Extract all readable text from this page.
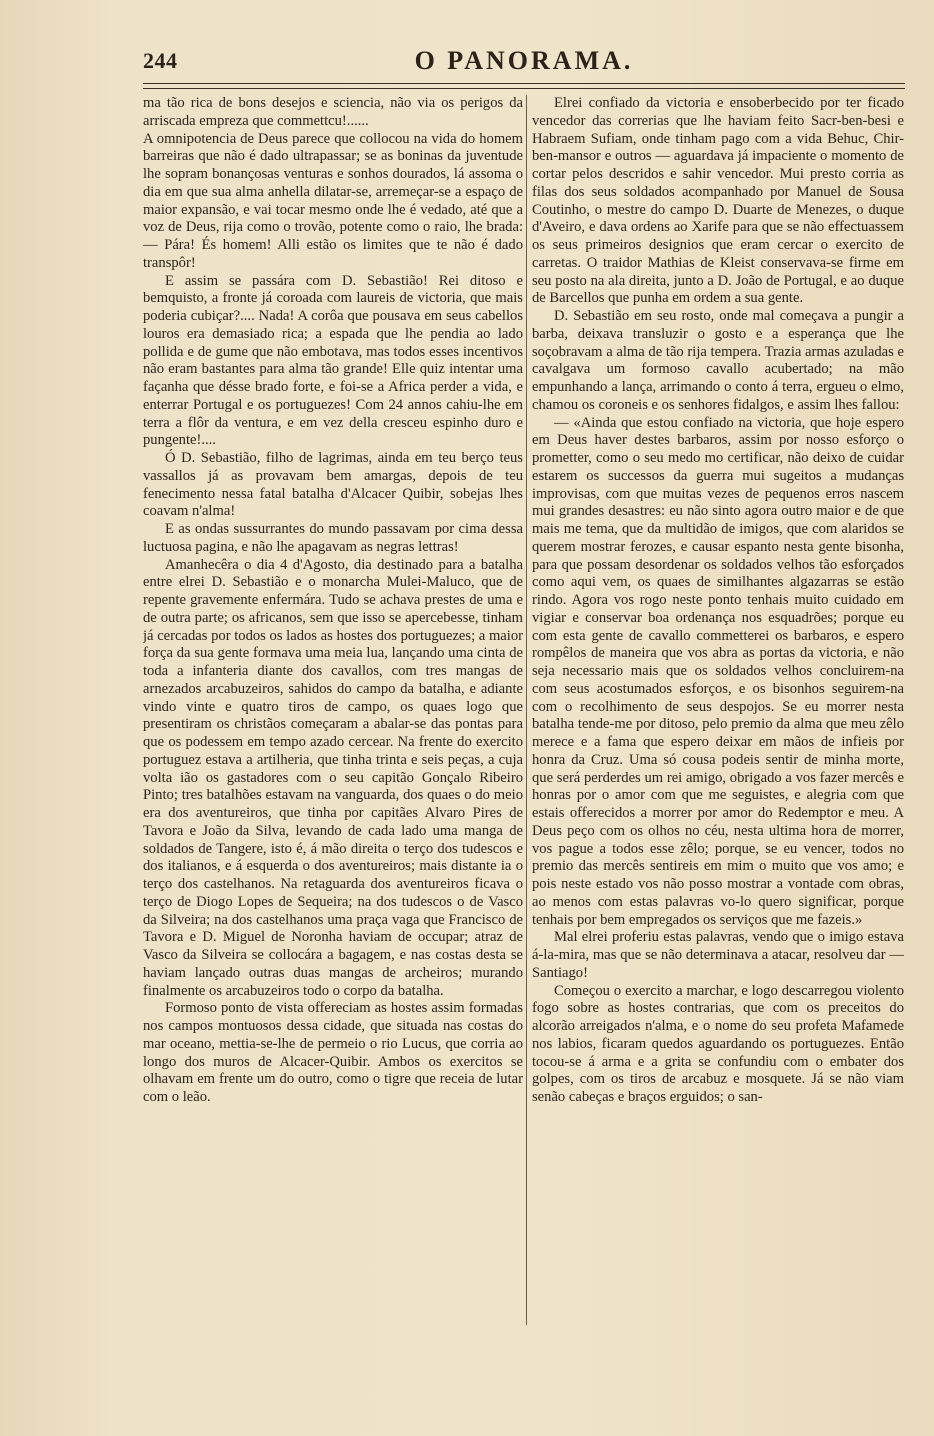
244	O PANORAMA.

ma tão rica de bons desejos e sciencia, não via os perigos da arriscada empreza que commettcu!......

A omnipotencia de Deus parece que collocou na vida do homem barreiras que não é dado ultrapassar; se as boninas da juventude lhe sopram bonançosas venturas e sonhos dourados, lá assoma o dia em que sua alma anhella dilatar-se, arremeçar-se a espaço de maior expansão, e vai tocar mesmo onde lhe é vedado, até que a voz de Deus, rija como o trovão, potente como o raio, lhe brada: — Pára! És homem! Alli estão os limites que te não é dado transpôr!

E assim se passára com D. Sebastião! Rei ditoso e bemquisto, a fronte já coroada com laureis de victoria, que mais poderia cubiçar?.... Nada! A corôa que pousava em seus cabellos louros era demasiado rica; a espada que lhe pendia ao lado pollida e de gume que não embotava, mas todos esses incentivos não eram bastantes para alma tão grande! Elle quiz intentar uma façanha que désse brado forte, e foi-se a Africa perder a vida, e enterrar Portugal e os portuguezes! Com 24 annos cahiu-lhe em terra a flôr da ventura, e em vez della cresceu espinho duro e pungente!....

Ó D. Sebastião, filho de lagrimas, ainda em teu berço teus vassallos já as provavam bem amargas, depois de teu fenecimento nessa fatal batalha d'Alcacer Quibir, sobejas lhes coavam n'alma!

E as ondas sussurrantes do mundo passavam por cima dessa luctuosa pagina, e não lhe apagavam as negras lettras!

Amanhecêra o dia 4 d'Agosto, dia destinado para a batalha entre elrei D. Sebastião e o monarcha Mulei-Maluco, que de repente gravemente enfermára. Tudo se achava prestes de uma e de outra parte; os africanos, sem que isso se apercebesse, tinham já cercadas por todos os lados as hostes dos portuguezes; a maior força da sua gente formava uma meia lua, lançando uma cinta de toda a infanteria diante dos cavallos, com tres mangas de arnezados arcabuzeiros, sahidos do campo da batalha, e adiante vindo vinte e quatro tiros de campo, os quaes logo que presentiram os christãos começaram a abalar-se das pontas para que os podessem em tempo azado cercear. Na frente do exercito portuguez estava a artilheria, que tinha trinta e seis peças, a cuja volta ião os gastadores com o seu capitão Gonçalo Ribeiro Pinto; tres batalhões estavam na vanguarda, dos quaes o do meio era dos aventureiros, que tinha por capitães Alvaro Pires de Tavora e João da Silva, levando de cada lado uma manga de soldados de Tangere, isto é, á mão direita o terço dos tudescos e dos italianos, e á esquerda o dos aventureiros; mais distante ia o terço dos castelhanos. Na retaguarda dos aventureiros ficava o terço de Diogo Lopes de Sequeira; na dos tudescos o de Vasco da Silveira; na dos castelhanos uma praça vaga que Francisco de Tavora e D. Miguel de Noronha haviam de occupar; atraz de Vasco da Silveira se collocára a bagagem, e nas costas desta se haviam lançado outras duas mangas de archeiros; murando finalmente os arcabuzeiros todo o corpo da batalha.

Formoso ponto de vista offereciam as hostes assim formadas nos campos montuosos dessa cidade, que situada nas costas do mar oceano, mettia-se-lhe de permeio o rio Lucus, que corria ao longo dos muros de Alcacer-Quibir. Ambos os exercitos se olhavam em frente um do outro, como o tigre que receia de lutar com o leão.

Elrei confiado da victoria e ensoberbecido por ter ficado vencedor das correrias que lhe haviam feito Sacr-ben-besi e Habraem Sufiam, onde tinham pago com a vida Behuc, Chir-ben-mansor e outros — aguardava já impaciente o momento de cortar pelos descridos e sahir vencedor. Mui presto corria as filas dos seus soldados acompanhado por Manuel de Sousa Coutinho, o mestre do campo D. Duarte de Menezes, o duque d'Aveiro, e dava ordens ao Xarife para que se não effectuassem os seus primeiros designios que eram cercar o exercito de carretas. O traidor Mathias de Kleist conservava-se firme em seu posto na ala direita, junto a D. João de Portugal, e ao duque de Barcellos que punha em ordem a sua gente.

D. Sebastião em seu rosto, onde mal começava a pungir a barba, deixava transluzir o gosto e a esperança que lhe soçobravam a alma de tão rija tempera. Trazia armas azuladas e cavalgava um formoso cavallo acubertado; na mão empunhando a lança, arrimando o conto á terra, ergueu o elmo, chamou os coroneis e os senhores fidalgos, e assim lhes fallou:

— «Ainda que estou confiado na victoria, que hoje espero em Deus haver destes barbaros, assim por nosso esforço o prometter, como o seu medo mo certificar, não deixo de cuidar estarem os successos da guerra mui sugeitos a mudanças improvisas, com que muitas vezes de pequenos erros nascem mui grandes desastres: eu não sinto agora outro maior e de que mais me tema, que da multidão de imigos, que com alaridos se querem mostrar ferozes, e causar espanto nesta gente bisonha, para que possam desordenar os soldados velhos tão esforçados como aqui vem, os quaes de similhantes algazarras se estão rindo. Agora vos rogo neste ponto tenhais muito cuidado em vigiar e conservar boa ordenança nos esquadrões; porque eu com esta gente de cavallo commetterei os barbaros, e espero rompêlos de maneira que vos abra as portas da victoria, e não seja necessario mais que os soldados velhos concluirem-na com seus acostumados esforços, e os bisonhos seguirem-na com o recolhimento de seus despojos. Se eu morrer nesta batalha tende-me por ditoso, pelo premio da alma que meu zêlo merece e a fama que espero deixar em mãos de infieis por honra da Cruz. Uma só cousa podeis sentir de minha morte, que será perderdes um rei amigo, obrigado a vos fazer mercês e honras por o amor com que me seguistes, e alegria com que estais offerecidos a morrer por amor do Redemptor e meu. A Deus peço com os olhos no céu, nesta ultima hora de morrer, vos pague a todos esse zêlo; porque, se eu vencer, todos no premio das mercês sentireis em mim o muito que vos amo; e pois neste estado vos não posso mostrar a vontade com obras, ao menos com estas palavras vo-lo quero significar, porque tenhais por bem empregados os serviços que me fazeis.»

Mal elrei proferiu estas palavras, vendo que o imigo estava á-la-mira, mas que se não determinava a atacar, resolveu dar — Santiago!

Começou o exercito a marchar, e logo descarregou violento fogo sobre as hostes contrarias, que com os preceitos do alcorão arreigados n'alma, e o nome do seu profeta Mafamede nos labios, ficaram quedos aguardando os portuguezes. Então tocou-se á arma e a grita se confundiu com o embater dos golpes, com os tiros de arcabuz e mosquete. Já se não viam senão cabeças e braços erguidos; o san-
